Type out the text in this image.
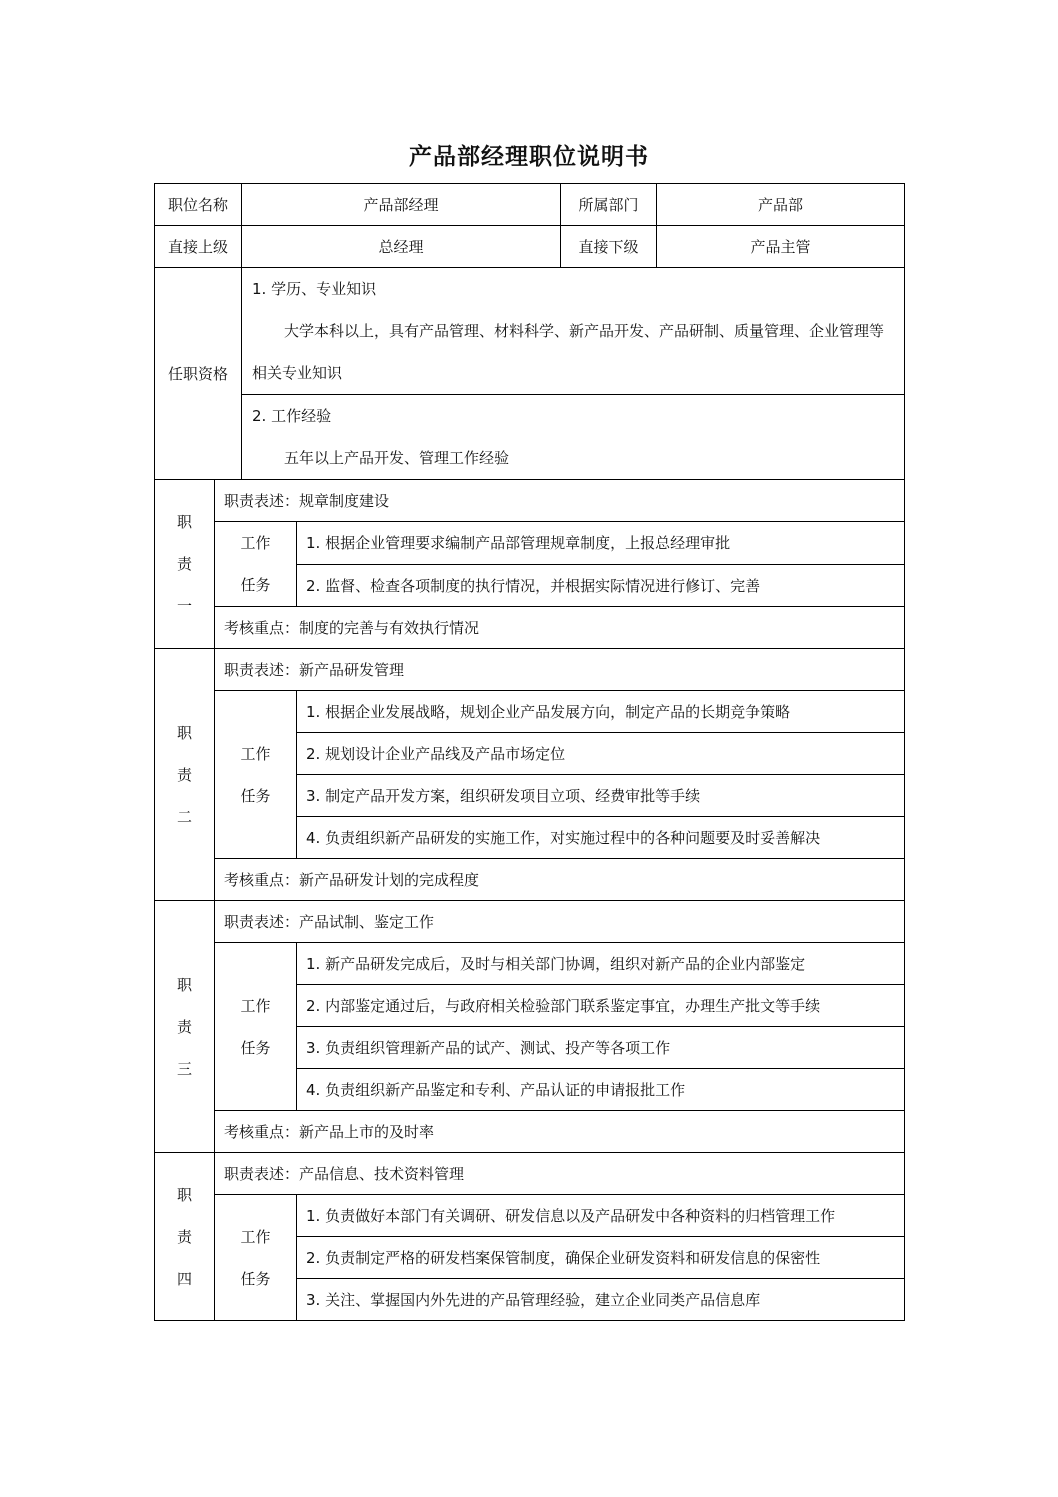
产品部经理职位说明书
职位名称		产品部经理		所属部门	产品部
直接上级		总经理		直接下级	产品主管
任职资格		1. 学历、专业知识
大学本科以上，具有产品管理、材料科学、新产品开发、产品研制、质量管理、企业管理等相关专业知识			

		2. 工作经验
五年以上产品开发、管理工作经验			

职
责
一	职责表述：规章制度建设				

	工作
任务		1. 根据企业管理要求编制产品部管理规章制度，上报总经理审批		
			2. 监督、检查各项制度的执行情况，并根据实际情况进行修订、完善		
	考核重点：制度的完善与有效执行情况				

职
责
二	职责表述：新产品研发管理				

	工作
任务		1. 根据企业发展战略，规划企业产品发展方向，制定产品的长期竞争策略		
			2. 规划设计企业产品线及产品市场定位		
			3. 制定产品开发方案，组织研发项目立项、经费审批等手续		
			4. 负责组织新产品研发的实施工作，对实施过程中的各种问题要及时妥善解决		
	考核重点：新产品研发计划的完成程度				

职
责
三	职责表述：产品试制、鉴定工作				

	工作
任务		1. 新产品研发完成后，及时与相关部门协调，组织对新产品的企业内部鉴定		
			2. 内部鉴定通过后，与政府相关检验部门联系鉴定事宜，办理生产批文等手续		
			3. 负责组织管理新产品的试产、测试、投产等各项工作		
			4. 负责组织新产品鉴定和专利、产品认证的申请报批工作		
	考核重点：新产品上市的及时率				

职
责
四	职责表述：产品信息、技术资料管理				

	工作
任务		1. 负责做好本部门有关调研、研发信息以及产品研发中各种资料的归档管理工作		
			2. 负责制定严格的研发档案保管制度，确保企业研发资料和研发信息的保密性		
			3. 关注、掌握国内外先进的产品管理经验，建立企业同类产品信息库		
